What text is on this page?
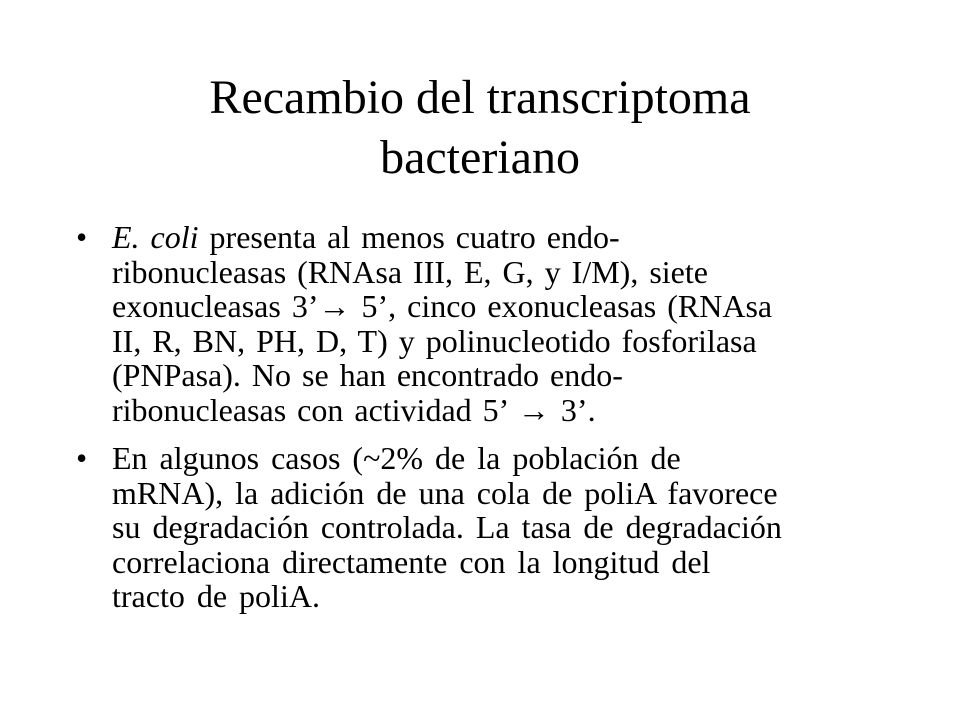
Recambio del transcriptoma
bacteriano
• E. coli presenta al menos cuatro endo-
ribonucleasas (RNAsa III, E, G, y I/M), siete
exonucleasas 3’→ 5’, cinco exonucleasas (RNAsa
II, R, BN, PH, D, T) y polinucleotido fosforilasa
(PNPasa). No se han encontrado endo-
ribonucleasas con actividad 5’ → 3’.
• En algunos casos (~2% de la población de
mRNA), la adición de una cola de poliA favorece
su degradación controlada. La tasa de degradación
correlaciona directamente con la longitud del
tracto de poliA.
